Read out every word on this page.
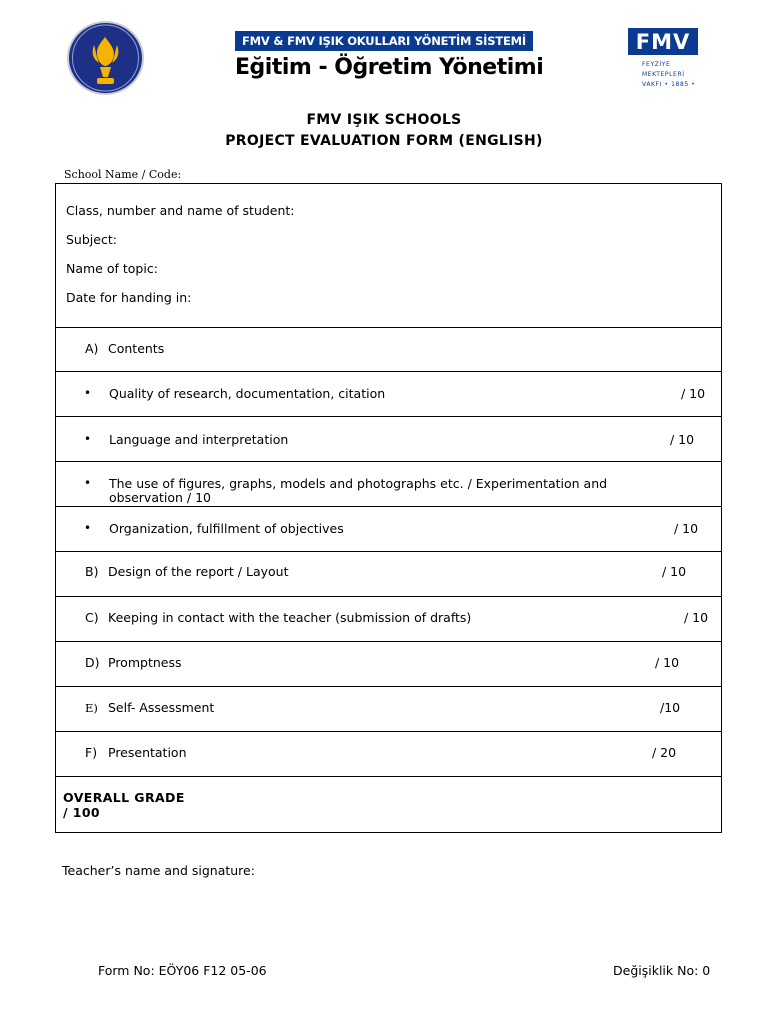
FMV & FMV IŞIK OKULLARI YÖNETİM SİSTEMİ
Eğitim - Öğretim Yönetimi
FMV
FEYZİYE
MEKTEPLERİ
VAKFI • 1885 •
FMV IŞIK SCHOOLS
PROJECT EVALUATION FORM (ENGLISH)
School Name / Code:
Class, number and name of student:
Subject:
Name of topic:
Date for handing in:
A) Contents
• Quality of research, documentation, citation	/ 10
• Language and interpretation	/ 10
• The use of figures, graphs, models and photographs etc. / Experimentation and
observation / 10
• Organization, fulfillment of objectives	/ 10
B) Design of the report / Layout	/ 10
C) Keeping in contact with the teacher (submission of drafts)	/ 10
D) Promptness	/ 10
E) Self- Assessment	/10
F) Presentation	/ 20
OVERALL GRADE
/ 100
Teacher’s name and signature:
Form No: EÖY06 F12 05-06	Değişiklik No: 0
